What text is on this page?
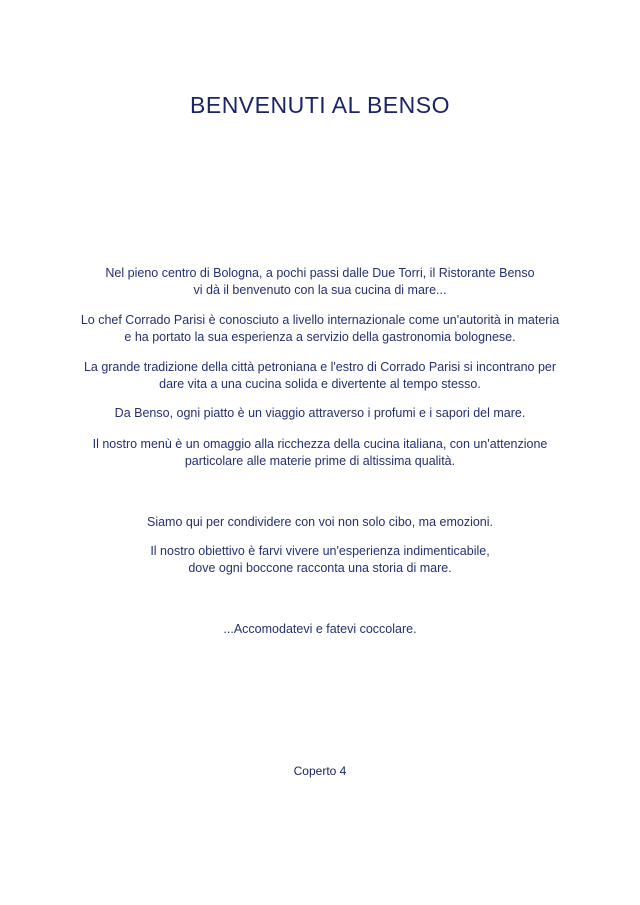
BENVENUTI AL BENSO

Nel pieno centro di Bologna, a pochi passi dalle Due Torri, il Ristorante Benso
vi dà il benvenuto con la sua cucina di mare...

Lo chef Corrado Parisi è conosciuto a livello internazionale come un'autorità in materia
e ha portato la sua esperienza a servizio della gastronomia bolognese.

La grande tradizione della città petroniana e l'estro di Corrado Parisi si incontrano per
dare vita a una cucina solida e divertente al tempo stesso.

Da Benso, ogni piatto è un viaggio attraverso i profumi e i sapori del mare.

Il nostro menù è un omaggio alla ricchezza della cucina italiana, con un'attenzione
particolare alle materie prime di altissima qualità.

Siamo qui per condividere con voi non solo cibo, ma emozioni.

Il nostro obiettivo è farvi vivere un'esperienza indimenticabile,
dove ogni boccone racconta una storia di mare.

...Accomodatevi e fatevi coccolare.

Coperto 4
